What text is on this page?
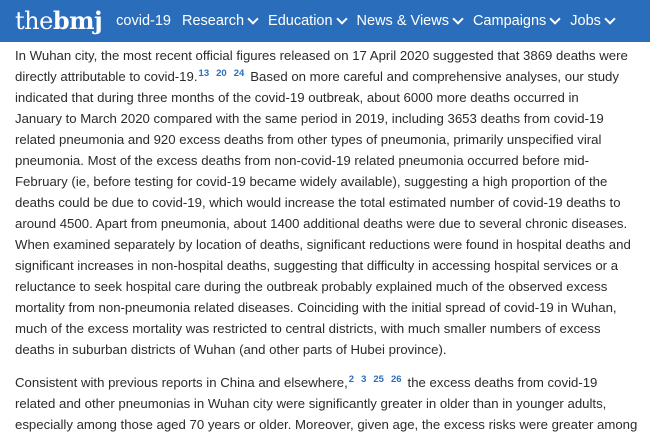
thebmj covid-19 Research Education News & Views Campaigns Jobs

In Wuhan city, the most recent official figures released on 17 April 2020 suggested that 3869 deaths were
directly attributable to covid-19.13 $^{20}$ $^{24}$ Based on more careful and comprehensive analyses, our study
indicated that during three months of the covid-19 outbreak, about 6000 more deaths occurred in
January to March 2020 compared with the same period in 2019, including 3653 deaths from covid-19
related pneumonia and 920 excess deaths from other types of pneumonia, primarily unspecified viral
pneumonia. Most of the excess deaths from non-covid-19 related pneumonia occurred before mid-
February (ie, before testing for covid-19 became widely available), suggesting a high proportion of the
deaths could be due to covid-19, which would increase the total estimated number of covid-19 deaths to
around 4500. Apart from pneumonia, about 1400 additional deaths were due to several chronic diseases.
When examined separately by location of deaths, significant reductions were found in hospital deaths and
significant increases in non-hospital deaths, suggesting that difficulty in accessing hospital services or a
reluctance to seek hospital care during the outbreak probably explained much of the observed excess
mortality from non-pneumonia related diseases. Coinciding with the initial spread of covid-19 in Wuhan,
much of the excess mortality was restricted to central districts, with much smaller numbers of excess
deaths in suburban districts of Wuhan (and other parts of Hubei province).

Consistent with previous reports in China and elsewhere,$^2$ $^3$ $^{25}$ $^{26}$ the excess deaths from covid-19
related and other pneumonias in Wuhan city were significantly greater in older than in younger adults,
especially among those aged 70 years or older. Moreover, given age, the excess risks were greater among
